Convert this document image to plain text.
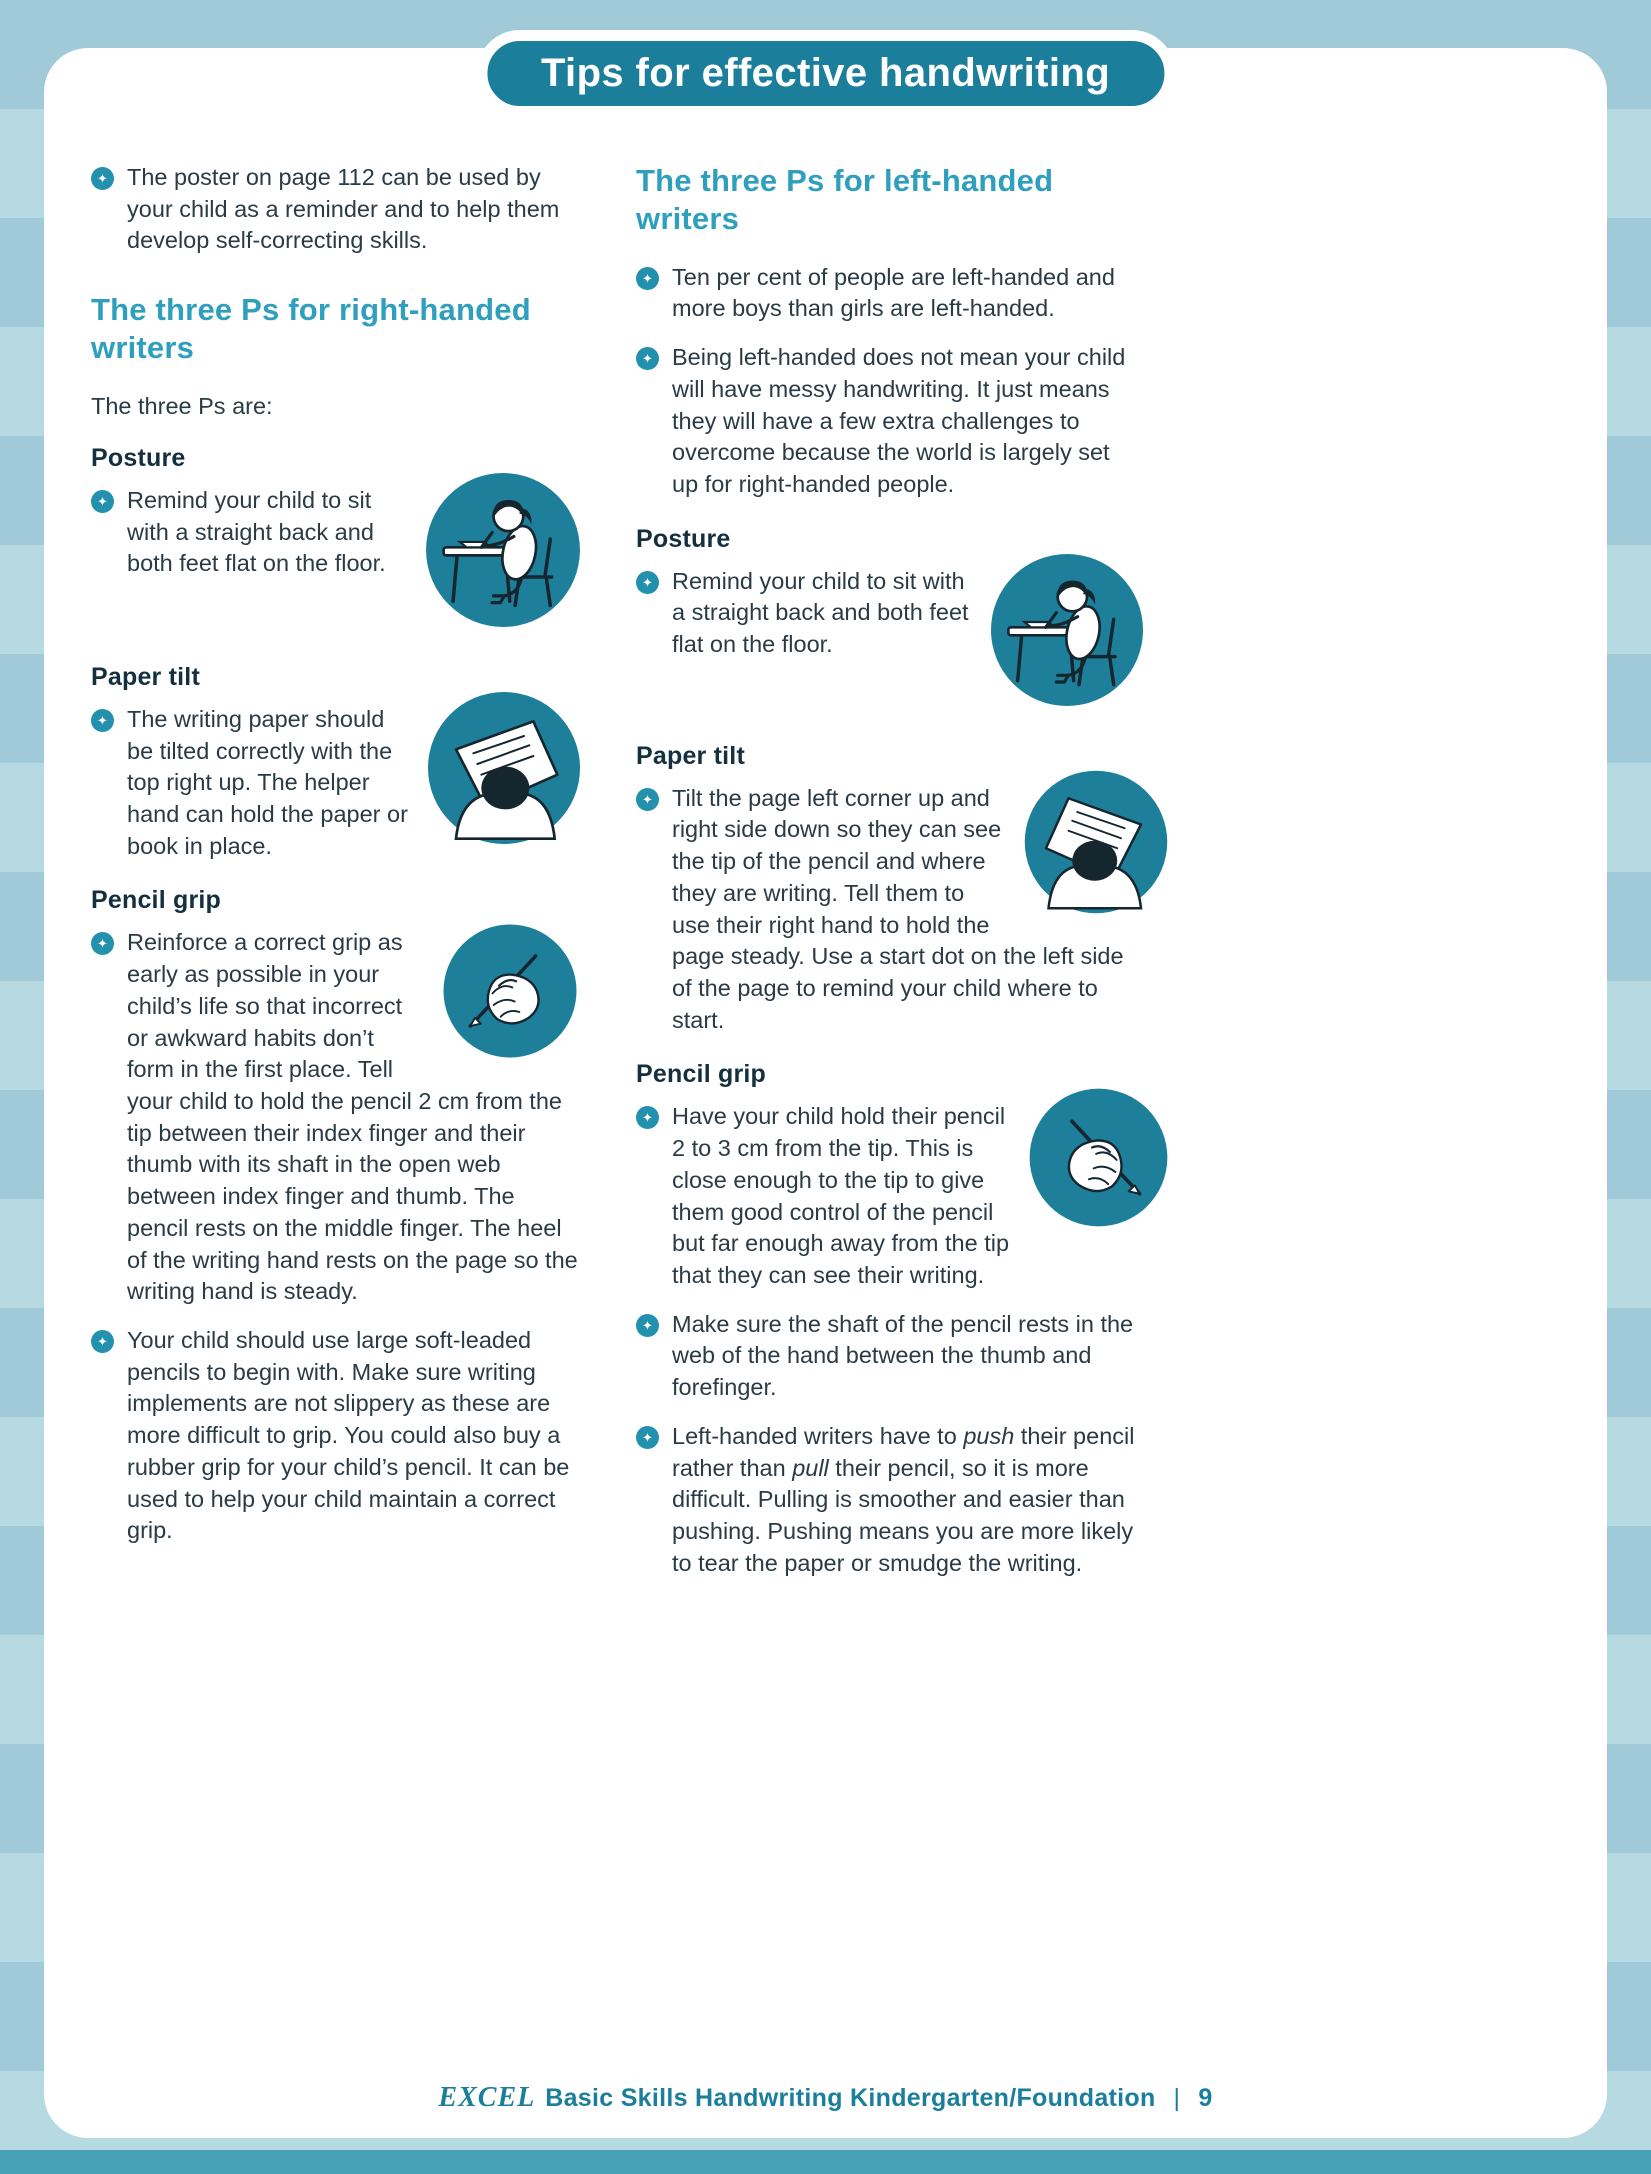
Tips for effective handwriting
✦ The poster on page 112 can be used by your child as a reminder and to help them develop self-correcting skills.
The three Ps for right-handed writers

The three Ps are:

Posture
✦ Remind your child to sit with a straight back and both feet flat on the floor.
Paper tilt
✦ The writing paper should be tilted correctly with the top right up. The helper hand can hold the paper or book in place.
Pencil grip
✦ Reinforce a correct grip as early as possible in your child’s life so that incorrect or awkward habits don’t form in the first place. Tell your child to hold the pencil 2 cm from the tip between their index finger and their thumb with its shaft in the open web between index finger and thumb. The pencil rests on the middle finger. The heel of the writing hand rests on the page so the writing hand is steady.
✦ Your child should use large soft-leaded pencils to begin with. Make sure writing implements are not slippery as these are more difficult to grip. You could also buy a rubber grip for your child’s pencil. It can be used to help your child maintain a correct grip.
The three Ps for left-handed writers
✦ Ten per cent of people are left-handed and more boys than girls are left-handed.
✦ Being left-handed does not mean your child will have messy handwriting. It just means they will have a few extra challenges to overcome because the world is largely set up for right-handed people.
Posture
✦ Remind your child to sit with a straight back and both feet flat on the floor.
Paper tilt
✦ Tilt the page left corner up and right side down so they can see the tip of the pencil and where they are writing. Tell them to use their right hand to hold the page steady. Use a start dot on the left side of the page to remind your child where to start.
Pencil grip
✦ Have your child hold their pencil 2 to 3 cm from the tip. This is close enough to the tip to give them good control of the pencil but far enough away from the tip that they can see their writing.
✦ Make sure the shaft of the pencil rests in the web of the hand between the thumb and forefinger.
✦ Left-handed writers have to push their pencil rather than pull their pencil, so it is more difficult. Pulling is smoother and easier than pushing. Pushing means you are more likely to tear the paper or smudge the writing.
EXCEL Basic Skills Handwriting Kindergarten/Foundation | 9
